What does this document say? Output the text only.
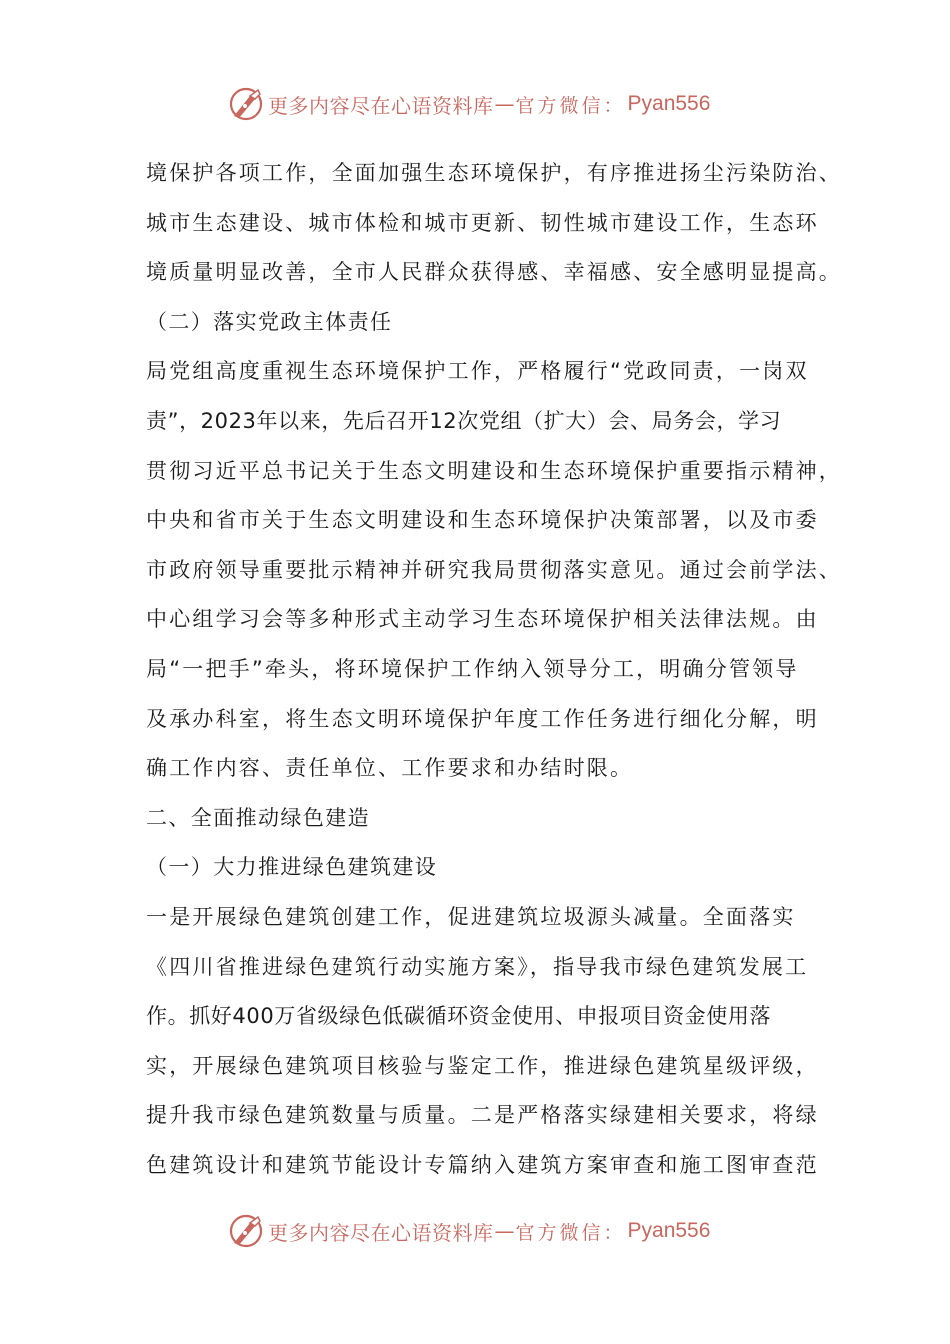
更多内容尽在心语资料库 — 官方微信： Pyan556
境保护各项工作，全面加强生态环境保护，有序推进扬尘污染防治、
城市生态建设、城市体检和城市更新、韧性城市建设工作，生态环
境质量明显改善，全市人民群众获得感、幸福感、安全感明显提高。
（二）落实党政主体责任
局党组高度重视生态环境保护工作，严格履行“党政同责，一岗双
责”，2023年以来，先后召开12次党组（扩大）会、局务会，学习
贯彻习近平总书记关于生态文明建设和生态环境保护重要指示精神，
中央和省市关于生态文明建设和生态环境保护决策部署，以及市委
市政府领导重要批示精神并研究我局贯彻落实意见。通过会前学法、
中心组学习会等多种形式主动学习生态环境保护相关法律法规。由
局“一把手”牵头，将环境保护工作纳入领导分工，明确分管领导
及承办科室，将生态文明环境保护年度工作任务进行细化分解，明
确工作内容、责任单位、工作要求和办结时限。
二、全面推动绿色建造
（一）大力推进绿色建筑建设
一是开展绿色建筑创建工作，促进建筑垃圾源头减量。全面落实
《四川省推进绿色建筑行动实施方案》，指导我市绿色建筑发展工
作。抓好400万省级绿色低碳循环资金使用、申报项目资金使用落
实，开展绿色建筑项目核验与鉴定工作，推进绿色建筑星级评级，
提升我市绿色建筑数量与质量。二是严格落实绿建相关要求，将绿
色建筑设计和建筑节能设计专篇纳入建筑方案审查和施工图审查范
更多内容尽在心语资料库 — 官方微信： Pyan556
